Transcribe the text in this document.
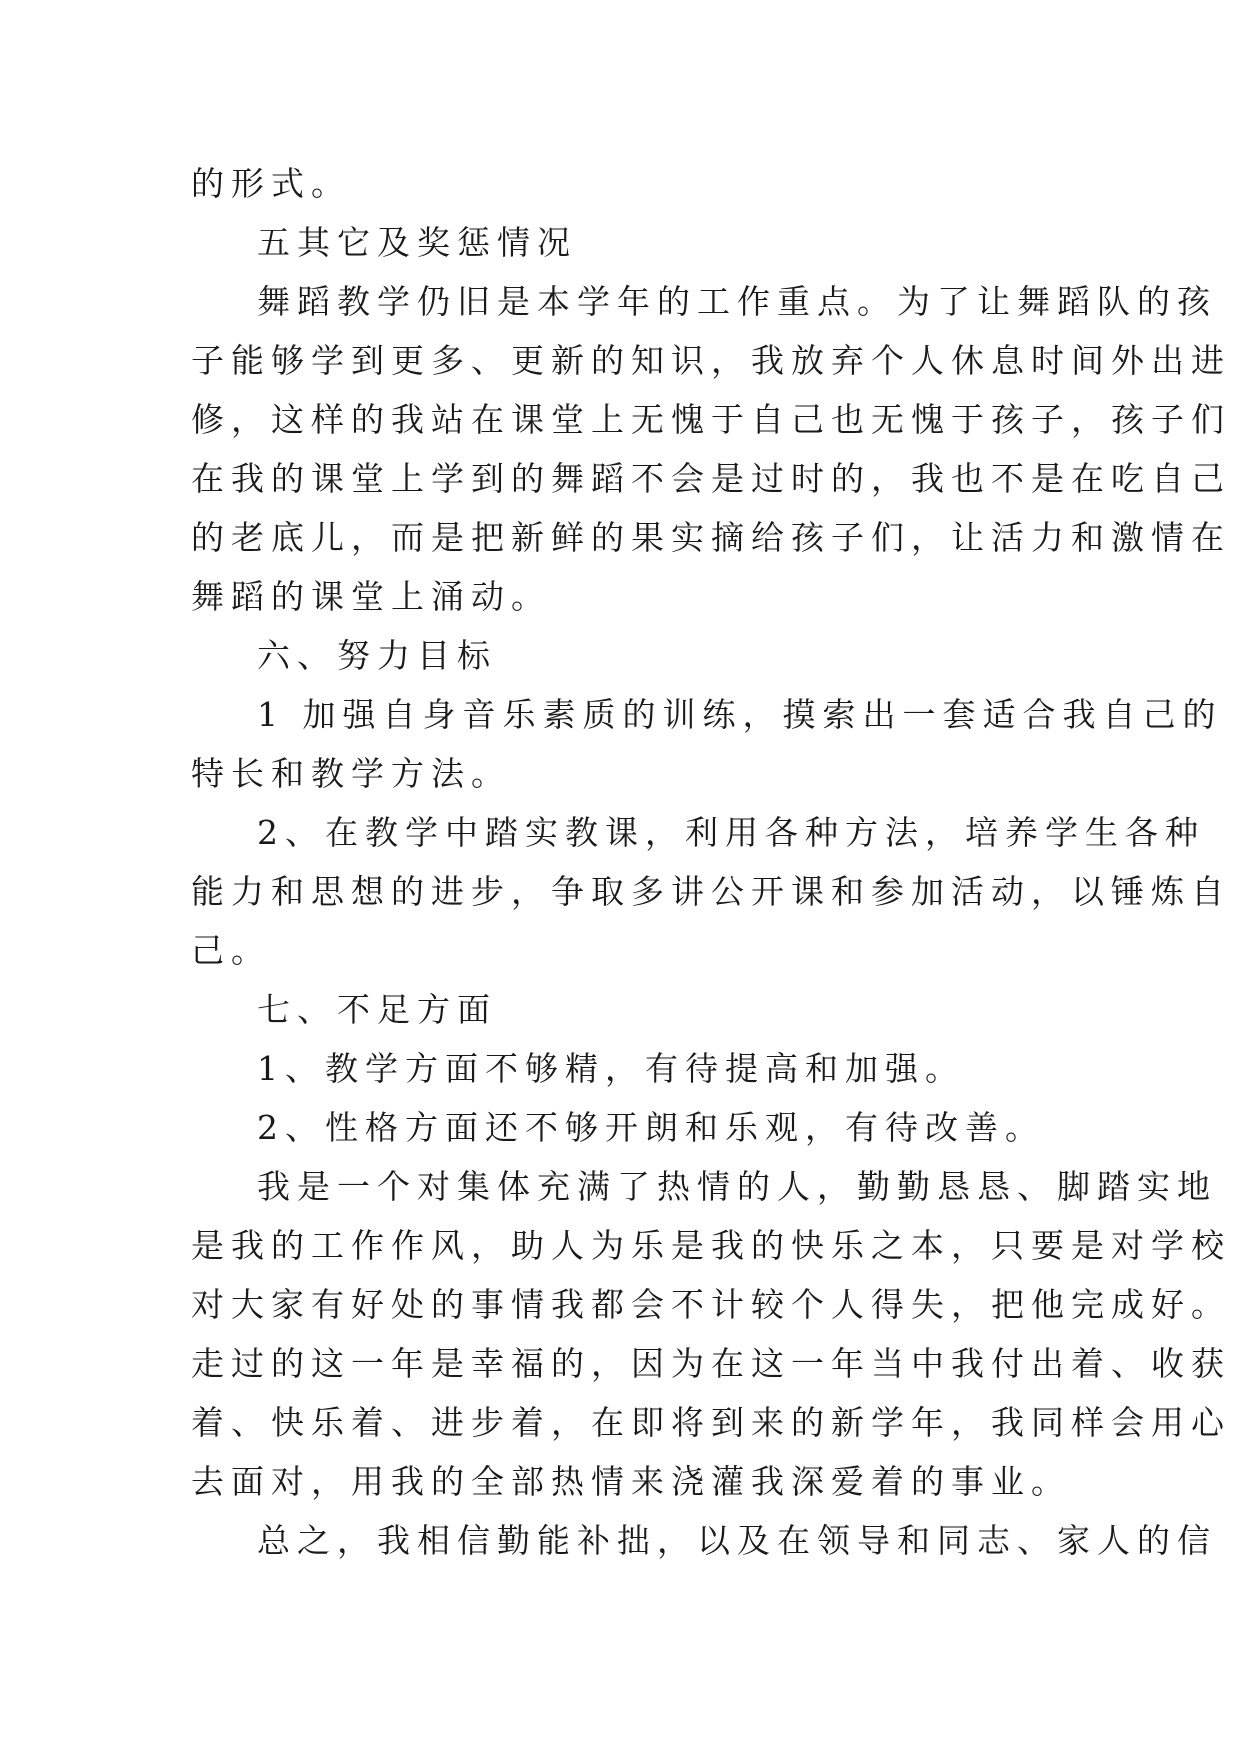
的形式。
五其它及奖惩情况
舞蹈教学仍旧是本学年的工作重点。为了让舞蹈队的孩
子能够学到更多、更新的知识，我放弃个人休息时间外出进
修，这样的我站在课堂上无愧于自己也无愧于孩子，孩子们
在我的课堂上学到的舞蹈不会是过时的，我也不是在吃自己
的老底儿，而是把新鲜的果实摘给孩子们，让活力和激情在
舞蹈的课堂上涌动。
六、努力目标
1 加强自身音乐素质的训练，摸索出一套适合我自己的
特长和教学方法。
2、在教学中踏实教课，利用各种方法，培养学生各种
能力和思想的进步，争取多讲公开课和参加活动，以锤炼自
己。
七、不足方面
1、教学方面不够精，有待提高和加强。
2、性格方面还不够开朗和乐观，有待改善。
我是一个对集体充满了热情的人，勤勤恳恳、脚踏实地
是我的工作作风，助人为乐是我的快乐之本，只要是对学校
对大家有好处的事情我都会不计较个人得失，把他完成好。
走过的这一年是幸福的，因为在这一年当中我付出着、收获
着、快乐着、进步着，在即将到来的新学年，我同样会用心
去面对，用我的全部热情来浇灌我深爱着的事业。
总之，我相信勤能补拙，以及在领导和同志、家人的信
